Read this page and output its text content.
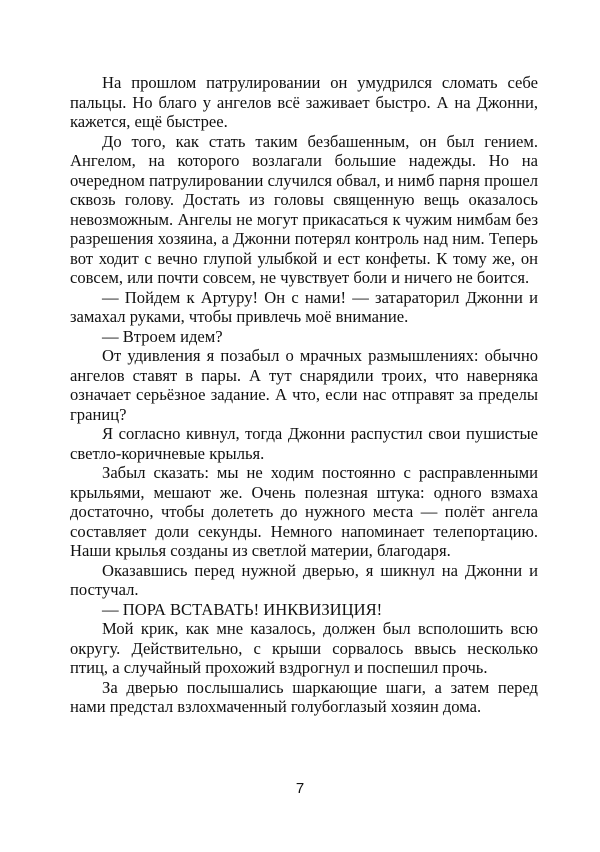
На прошлом патрулировании он умудрился сломать себе пальцы. Но благо у ангелов всё заживает быстро. А на Джонни, кажется, ещё быстрее.

До того, как стать таким безбашенным, он был гением. Ангелом, на которого возлагали большие надежды. Но на очередном патрулировании случился обвал, и нимб парня прошел сквозь голову. Достать из головы священную вещь оказалось невозможным. Ангелы не могут прикасаться к чужим нимбам без разрешения хозяина, а Джонни потерял контроль над ним. Теперь вот ходит с вечно глупой улыбкой и ест конфеты. К тому же, он совсем, или почти совсем, не чувствует боли и ничего не боится.

— Пойдем к Артуру! Он с нами! — затараторил Джонни и замахал руками, чтобы привлечь моё внимание.

— Втроем идем?

От удивления я позабыл о мрачных размышлениях: обычно ангелов ставят в пары. А тут снарядили троих, что наверняка означает серьёзное задание. А что, если нас отправят за пределы границ?

Я согласно кивнул, тогда Джонни распустил свои пушистые светло-коричневые крылья.

Забыл сказать: мы не ходим постоянно с расправленными крыльями, мешают же. Очень полезная штука: одного взмаха достаточно, чтобы долететь до нужного места — полёт ангела составляет доли секунды. Немного напоминает телепортацию. Наши крылья созданы из светлой материи, благодаря.

Оказавшись перед нужной дверью, я шикнул на Джонни и постучал.

— ПОРА ВСТАВАТЬ! ИНКВИЗИЦИЯ!

Мой крик, как мне казалось, должен был всполошить всю округу. Действительно, с крыши сорвалось ввысь несколько птиц, а случайный прохожий вздрогнул и поспешил прочь.

За дверью послышались шаркающие шаги, а затем перед нами предстал взлохмаченный голубоглазый хозяин дома.

7
